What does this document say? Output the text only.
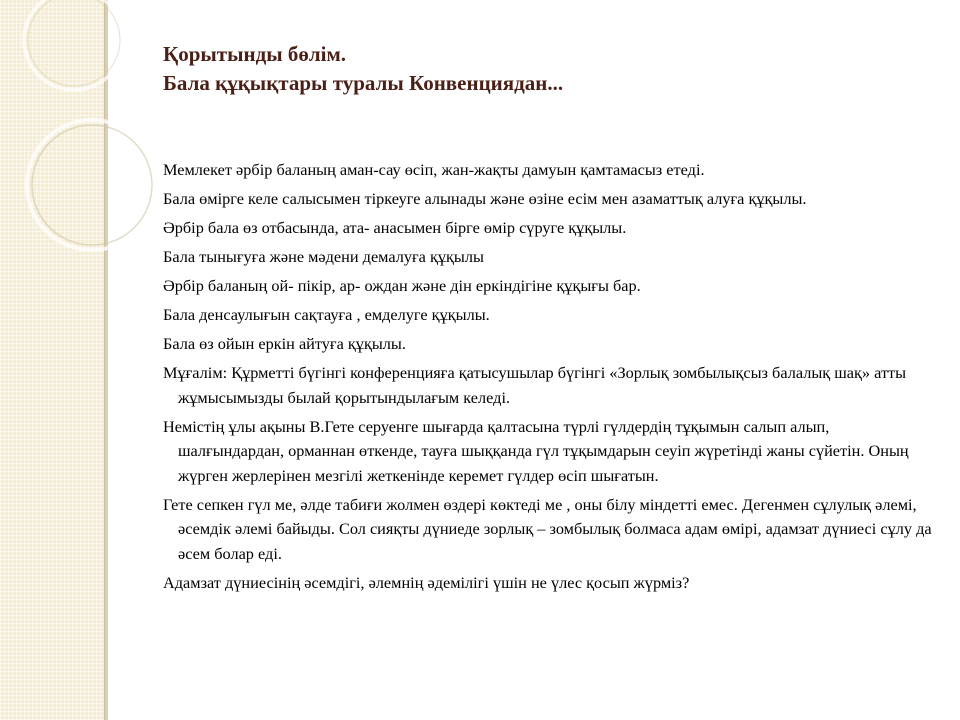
Қорытынды бөлім.
Бала құқықтары туралы Конвенциядан...

Мемлекет әрбір баланың аман-сау өсіп, жан-жақты дамуын қамтамасыз етеді.

Бала өмірге келе салысымен тіркеуге алынады және өзіне есім мен азаматтық алуға құқылы.

Әрбір бала өз отбасында, ата- анасымен бірге өмір сүруге құқылы.

Бала тынығуға және мәдени демалуға құқылы

Әрбір баланың ой- пікір, ар- ождан және дін еркіндігіне құқығы бар.

Бала денсаулығын сақтауға , емделуге құқылы.

Бала өз ойын еркін айтуға құқылы.

Мұғалім: Құрметті бүгінгі конференцияға қатысушылар бүгінгі «Зорлық зомбылықсыз балалық шақ» атты жұмысымызды былай қорытындылағым келеді.

Немістің ұлы ақыны В.Гете серуенге шығарда қалтасына түрлі гүлдердің тұқымын салып алып, шалғындардан, орманнан өткенде, тауға шыққанда гүл тұқымдарын сеуіп жүретінді жаны сүйетін. Оның жүрген жерлерінен мезгілі жеткенінде керемет гүлдер өсіп шығатын.

Гете сепкен гүл ме, әлде табиғи жолмен өздері көктеді ме , оны білу міндетті емес. Дегенмен сұлулық әлемі, әсемдік әлемі байыды. Сол сияқты дүниеде зорлық – зомбылық болмаса адам өмірі, адамзат дүниесі сұлу да әсем болар еді.

Адамзат дүниесінің әсемдігі, әлемнің әдемілігі үшін не үлес қосып жүрміз?
